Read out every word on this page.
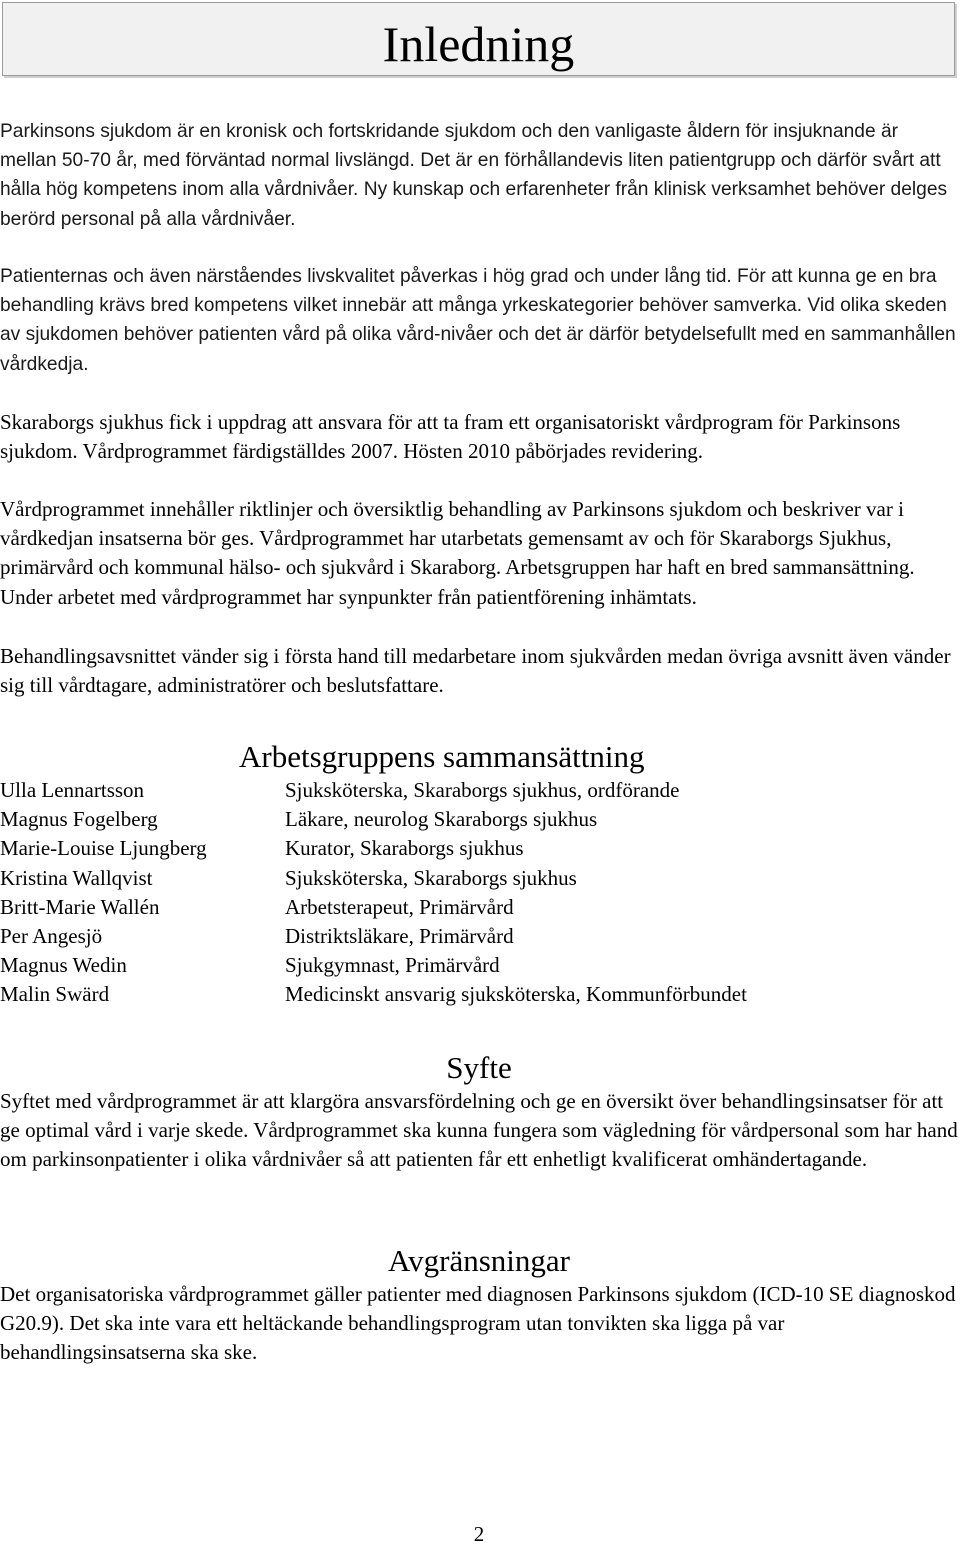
Inledning

Parkinsons sjukdom är en kronisk och fortskridande sjukdom och den vanligaste åldern för insjuknande är mellan 50-70 år, med förväntad normal livslängd. Det är en förhållandevis liten patientgrupp och därför svårt att hålla hög kompetens inom alla vårdnivåer. Ny kunskap och erfarenheter från klinisk verksamhet behöver delges berörd personal på alla vårdnivåer.

Patienternas och även närståendes livskvalitet påverkas i hög grad och under lång tid. För att kunna ge en bra behandling krävs bred kompetens vilket innebär att många yrkeskategorier behöver samverka. Vid olika skeden av sjukdomen behöver patienten vård på olika vård-nivåer och det är därför betydelsefullt med en sammanhållen vårdkedja.

Skaraborgs sjukhus fick i uppdrag att ansvara för att ta fram ett organisatoriskt vårdprogram för Parkinsons sjukdom. Vårdprogrammet färdigställdes 2007. Hösten 2010 påbörjades revidering.

Vårdprogrammet innehåller riktlinjer och översiktlig behandling av Parkinsons sjukdom och beskriver var i vårdkedjan insatserna bör ges. Vårdprogrammet har utarbetats gemensamt av och för Skaraborgs Sjukhus, primärvård och kommunal hälso- och sjukvård i Skaraborg. Arbetsgruppen har haft en bred sammansättning. Under arbetet med vårdprogrammet har synpunkter från patientförening inhämtats.

Behandlingsavsnittet vänder sig i första hand till medarbetare inom sjukvården medan övriga avsnitt även vänder sig till vårdtagare, administratörer och beslutsfattare.

Arbetsgruppens sammansättning
Ulla Lennartsson	Sjuksköterska, Skaraborgs sjukhus, ordförande
Magnus Fogelberg	Läkare, neurolog Skaraborgs sjukhus
Marie-Louise Ljungberg	Kurator, Skaraborgs sjukhus
Kristina Wallqvist	Sjuksköterska, Skaraborgs sjukhus
Britt-Marie Wallén	Arbetsterapeut, Primärvård
Per Angesjö	Distriktsläkare, Primärvård
Magnus Wedin	Sjukgymnast, Primärvård
Malin Swärd	Medicinskt ansvarig sjuksköterska, Kommunförbundet
Syfte

Syftet med vårdprogrammet är att klargöra ansvarsfördelning och ge en översikt över behandlingsinsatser för att ge optimal vård i varje skede. Vårdprogrammet ska kunna fungera som vägledning för vårdpersonal som har hand om parkinsonpatienter i olika vårdnivåer så att patienten får ett enhetligt kvalificerat omhändertagande.

Avgränsningar

Det organisatoriska vårdprogrammet gäller patienter med diagnosen Parkinsons sjukdom (ICD-10 SE diagnoskod G20.9). Det ska inte vara ett heltäckande behandlingsprogram utan tonvikten ska ligga på var behandlingsinsatserna ska ske.

2
